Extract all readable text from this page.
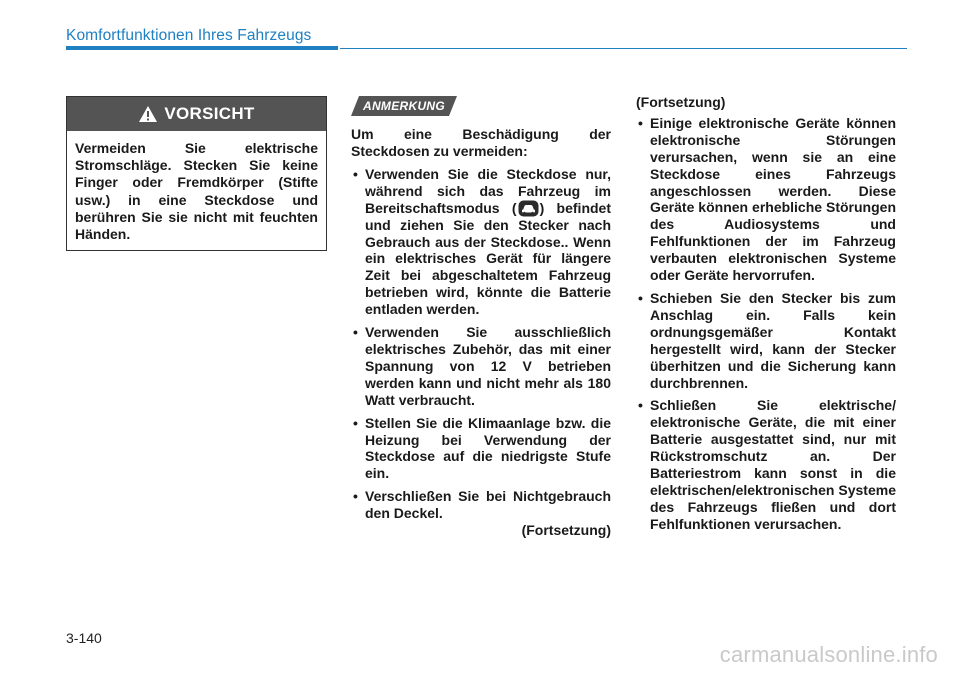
Komfortfunktionen Ihres Fahrzeugs
VORSICHT
Vermeiden Sie elektrische Stromschläge. Stecken Sie keine Finger oder Fremdkörper (Stifte usw.) in eine Steckdose und berühren Sie sie nicht mit feuchten Händen.
ANMERKUNG

Um eine Beschädigung der Steckdosen zu vermeiden:

• Verwenden Sie die Steckdose nur, während sich das Fahrzeug im Bereitschaftsmodus ( ) befindet und ziehen Sie den Stecker nach Gebrauch aus der Steckdose.. Wenn ein elektrisches Gerät für längere Zeit bei abgeschaltetem Fahrzeug betrieben wird, könnte die Batterie entladen werden.
• Verwenden Sie ausschließlich elektrisches Zubehör, das mit einer Spannung von 12 V betrieben werden kann und nicht mehr als 180 Watt verbraucht.
• Stellen Sie die Klimaanlage bzw. die Heizung bei Verwendung der Steckdose auf die niedrigste Stufe ein.
• Verschließen Sie bei Nichtgebrauch den Deckel.

(Fortsetzung)

(Fortsetzung)

• Einige elektronische Geräte können elektronische Störungen verursachen, wenn sie an eine Steckdose eines Fahrzeugs angeschlossen werden. Diese Geräte können erhebliche Störungen des Audiosystems und Fehlfunktionen der im Fahrzeug verbauten elektronischen Systeme oder Geräte hervorrufen.
• Schieben Sie den Stecker bis zum Anschlag ein. Falls kein ordnungsgemäßer Kontakt hergestellt wird, kann der Stecker überhitzen und die Sicherung kann durchbrennen.
• Schließen Sie elektrische/ elektronische Geräte, die mit einer Batterie ausgestattet sind, nur mit Rückstromschutz an. Der Batteriestrom kann sonst in die elektrischen/elektronischen Systeme des Fahrzeugs fließen und dort Fehlfunktionen verursachen.
3-140
carmanualsonline.info
